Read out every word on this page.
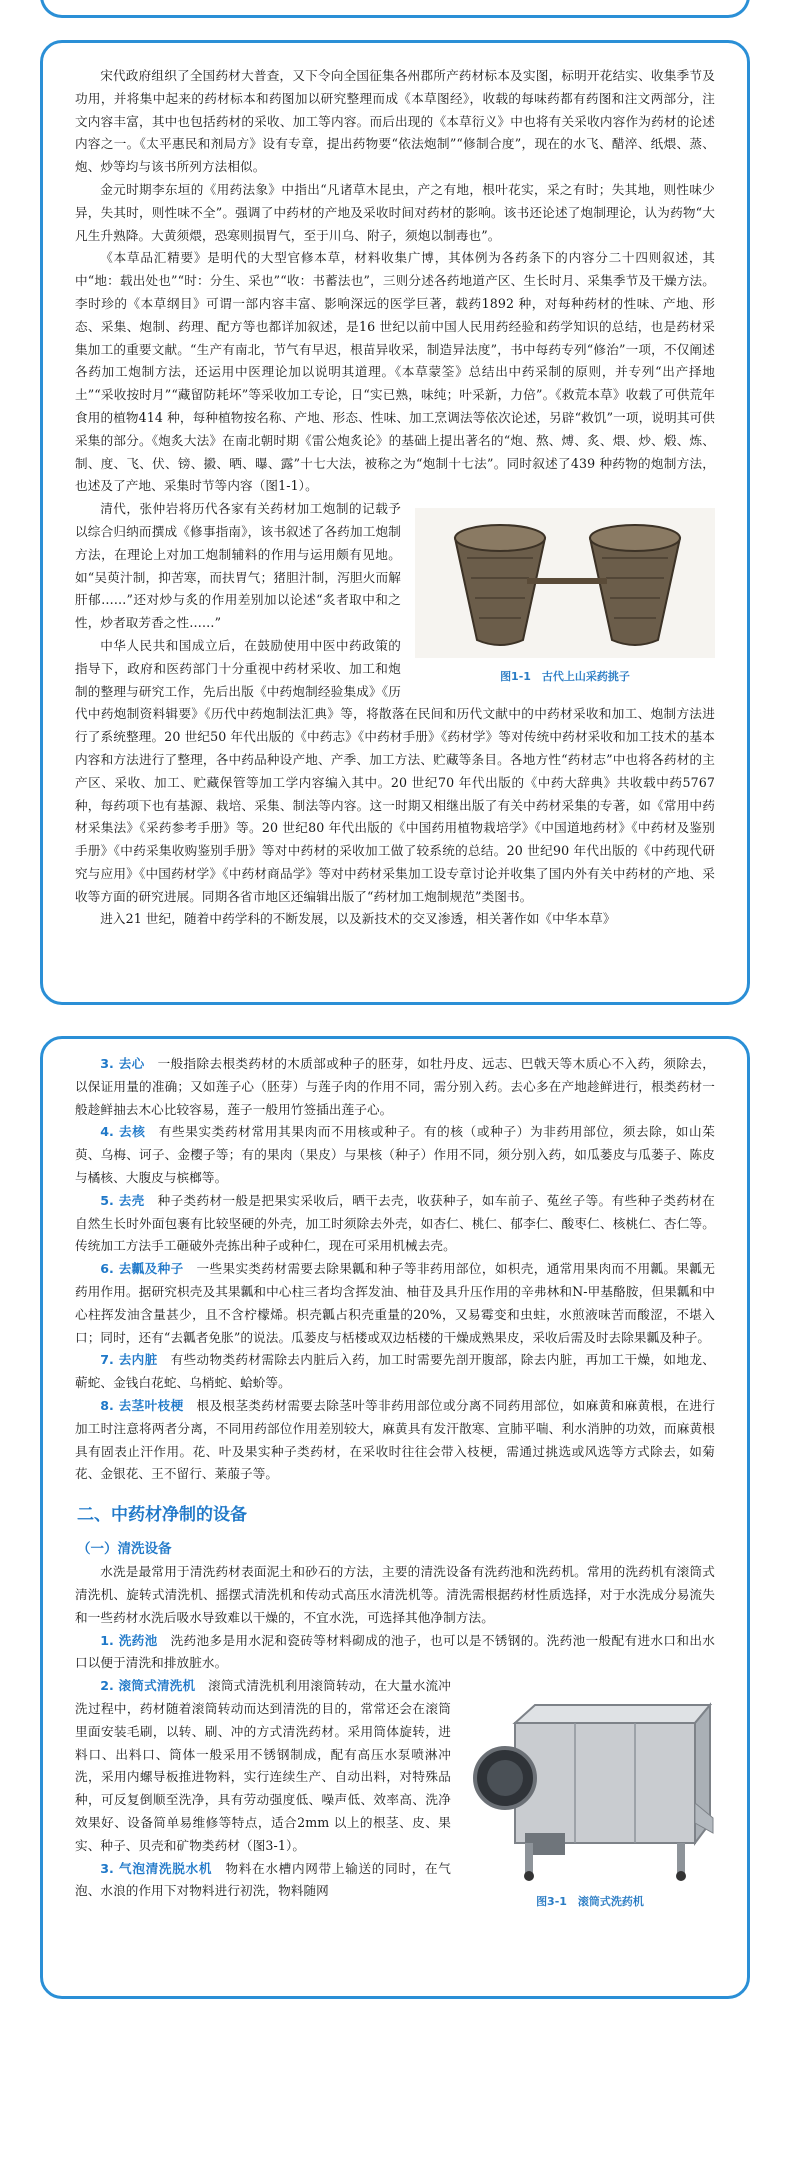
宋代政府组织了全国药材大普查，又下令向全国征集各州郡所产药材标本及实图，标明开花结实、收集季节及功用，并将集中起来的药材标本和药图加以研究整理而成《本草图经》，收载的每味药都有药图和注文两部分，注文内容丰富，其中也包括药材的采收、加工等内容。而后出现的《本草衍义》中也将有关采收内容作为药材的论述内容之一。《太平惠民和剂局方》设有专章，提出药物要“依法炮制”“修制合度”，现在的水飞、醋淬、纸煨、蒸、炮、炒等均与该书所列方法相似。

金元时期李东垣的《用药法象》中指出“凡诸草木昆虫，产之有地，根叶花实，采之有时；失其地，则性味少异，失其时，则性味不全”。强调了中药材的产地及采收时间对药材的影响。该书还论述了炮制理论，认为药物“大凡生升熟降。大黄须煨，恐寒则损胃气，至于川乌、附子，须炮以制毒也”。

《本草品汇精要》是明代的大型官修本草，材料收集广博，其体例为各药条下的内容分二十四则叙述，其中“地：载出处也”“时：分生、采也”“收：书蓄法也”，三则分述各药地道产区、生长时月、采集季节及干燥方法。李时珍的《本草纲目》可谓一部内容丰富、影响深远的医学巨著，载药1892 种，对每种药材的性味、产地、形态、采集、炮制、药理、配方等也都详加叙述，是16 世纪以前中国人民用药经验和药学知识的总结，也是药材采集加工的重要文献。“生产有南北，节气有早迟，根苗异收采，制造异法度”，书中每药专列“修治”一项，不仅阐述各药加工炮制方法，还运用中医理论加以说明其道理。《本草蒙筌》总结出中药采制的原则，并专列“出产择地土”“采收按时月”“藏留防耗坏”等采收加工专论，日“实已熟，味纯；叶采新，力倍”。《救荒本草》收载了可供荒年食用的植物414 种，每种植物按名称、产地、形态、性味、加工烹调法等依次论述，另辟“救饥”一项，说明其可供采集的部分。《炮炙大法》在南北朝时期《雷公炮炙论》的基础上提出著名的“炮、熬、煿、炙、煨、炒、煅、炼、制、度、飞、伏、镑、摋、晒、曝、露”十七大法，被称之为“炮制十七法”。同时叙述了439 种药物的炮制方法，也述及了产地、采集时节等内容（图1-1）。

图1-1　古代上山采药挑子

清代，张仲岩将历代各家有关药材加工炮制的记载予以综合归纳而撰成《修事指南》，该书叙述了各药加工炮制方法，在理论上对加工炮制辅料的作用与运用颇有见地。如“吴萸汁制，抑苦寒，而扶胃气；猪胆汁制，泻胆火而解肝郁……”还对炒与炙的作用差别加以论述“炙者取中和之性，炒者取芳香之性……”

中华人民共和国成立后，在鼓励使用中医中药政策的指导下，政府和医药部门十分重视中药材采收、加工和炮制的整理与研究工作，先后出版《中药炮制经验集成》《历代中药炮制资料辑要》《历代中药炮制法汇典》等，将散落在民间和历代文献中的中药材采收和加工、炮制方法进行了系统整理。20 世纪50 年代出版的《中药志》《中药材手册》《药材学》等对传统中药材采收和加工技术的基本内容和方法进行了整理，各中药品种设产地、产季、加工方法、贮藏等条目。各地方性“药材志”中也将各药材的主产区、采收、加工、贮藏保管等加工学内容编入其中。20 世纪70 年代出版的《中药大辞典》共收载中药5767 种，每药项下也有基源、栽培、采集、制法等内容。这一时期又相继出版了有关中药材采集的专著，如《常用中药材采集法》《采药参考手册》等。20 世纪80 年代出版的《中国药用植物栽培学》《中国道地药材》《中药材及鉴别手册》《中药采集收购鉴别手册》等对中药材的采收加工做了较系统的总结。20 世纪90 年代出版的《中药现代研究与应用》《中国药材学》《中药材商品学》等对中药材采集加工设专章讨论并收集了国内外有关中药材的产地、采收等方面的研究进展。同期各省市地区还编辑出版了“药材加工炮制规范”类图书。

进入21 世纪，随着中药学科的不断发展，以及新技术的交叉渗透，相关著作如《中华本草》

3. 去心　 一般指除去根类药材的木质部或种子的胚芽，如牡丹皮、远志、巴戟天等木质心不入药，须除去，以保证用量的准确；又如莲子心（胚芽）与莲子肉的作用不同，需分别入药。去心多在产地趁鲜进行，根类药材一般趁鲜抽去木心比较容易，莲子一般用竹签插出莲子心。

4. 去核　 有些果实类药材常用其果肉而不用核或种子。有的核（或种子）为非药用部位，须去除，如山茱萸、乌梅、诃子、金樱子等；有的果肉（果皮）与果核（种子）作用不同，须分别入药，如瓜蒌皮与瓜蒌子、陈皮与橘核、大腹皮与槟榔等。

5. 去壳　 种子类药材一般是把果实采收后，晒干去壳，收获种子，如车前子、菟丝子等。有些种子类药材在自然生长时外面包裹有比较坚硬的外壳，加工时须除去外壳，如杏仁、桃仁、郁李仁、酸枣仁、核桃仁、杏仁等。传统加工方法手工砸破外壳拣出种子或种仁，现在可采用机械去壳。

6. 去瓤及种子　 一些果实类药材需要去除果瓤和种子等非药用部位，如枳壳，通常用果肉而不用瓤。果瓤无药用作用。据研究枳壳及其果瓤和中心柱三者均含挥发油、柚苷及具升压作用的辛弗林和N-甲基酪胺，但果瓤和中心柱挥发油含量甚少，且不含柠檬烯。枳壳瓤占积壳重量的20%，又易霉变和虫蛀，水煎液味苦而酸涩，不堪入口；同时，还有“去瓤者免胀”的说法。瓜蒌皮与栝楼或双边栝楼的干燥成熟果皮，采收后需及时去除果瓤及种子。

7. 去内脏　 有些动物类药材需除去内脏后入药，加工时需要先剖开腹部，除去内脏，再加工干燥，如地龙、蕲蛇、金钱白花蛇、乌梢蛇、蛤蚧等。

8. 去茎叶枝梗　 根及根茎类药材需要去除茎叶等非药用部位或分离不同药用部位，如麻黄和麻黄根，在进行加工时注意将两者分离，不同用药部位作用差别较大，麻黄具有发汗散寒、宣肺平喘、利水消肿的功效，而麻黄根具有固表止汗作用。花、叶及果实种子类药材，在采收时往往会带入枝梗，需通过挑选或风选等方式除去，如菊花、金银花、王不留行、莱菔子等。

二、中药材净制的设备
（一）清洗设备

水洗是最常用于清洗药材表面泥土和砂石的方法，主要的清洗设备有洗药池和洗药机。常用的洗药机有滚筒式清洗机、旋转式清洗机、摇摆式清洗机和传动式高压水清洗机等。清洗需根据药材性质选择，对于水洗成分易流失和一些药材水洗后吸水导致难以干燥的，不宜水洗，可选择其他净制方法。

1. 洗药池　 洗药池多是用水泥和瓷砖等材料砌成的池子，也可以是不锈钢的。洗药池一般配有进水口和出水口以便于清洗和排放脏水。

图3-1　滚筒式洗药机

2. 滚筒式清洗机　 滚筒式清洗机利用滚筒转动，在大量水流冲洗过程中，药材随着滚筒转动而达到清洗的目的，常常还会在滚筒里面安装毛刷，以转、刷、冲的方式清洗药材。采用筒体旋转，进料口、出料口、筒体一般采用不锈钢制成，配有高压水泵喷淋冲洗，采用内螺导板推进物料，实行连续生产、自动出料，对特殊品种，可反复倒顺至洗净，具有劳动强度低、噪声低、效率高、洗净效果好、设备简单易维修等特点，适合2mm 以上的根茎、皮、果实、种子、贝壳和矿物类药材（图3-1）。

3. 气泡清洗脱水机　 物料在水槽内网带上输送的同时，在气泡、水浪的作用下对物料进行初洗，物料随网
